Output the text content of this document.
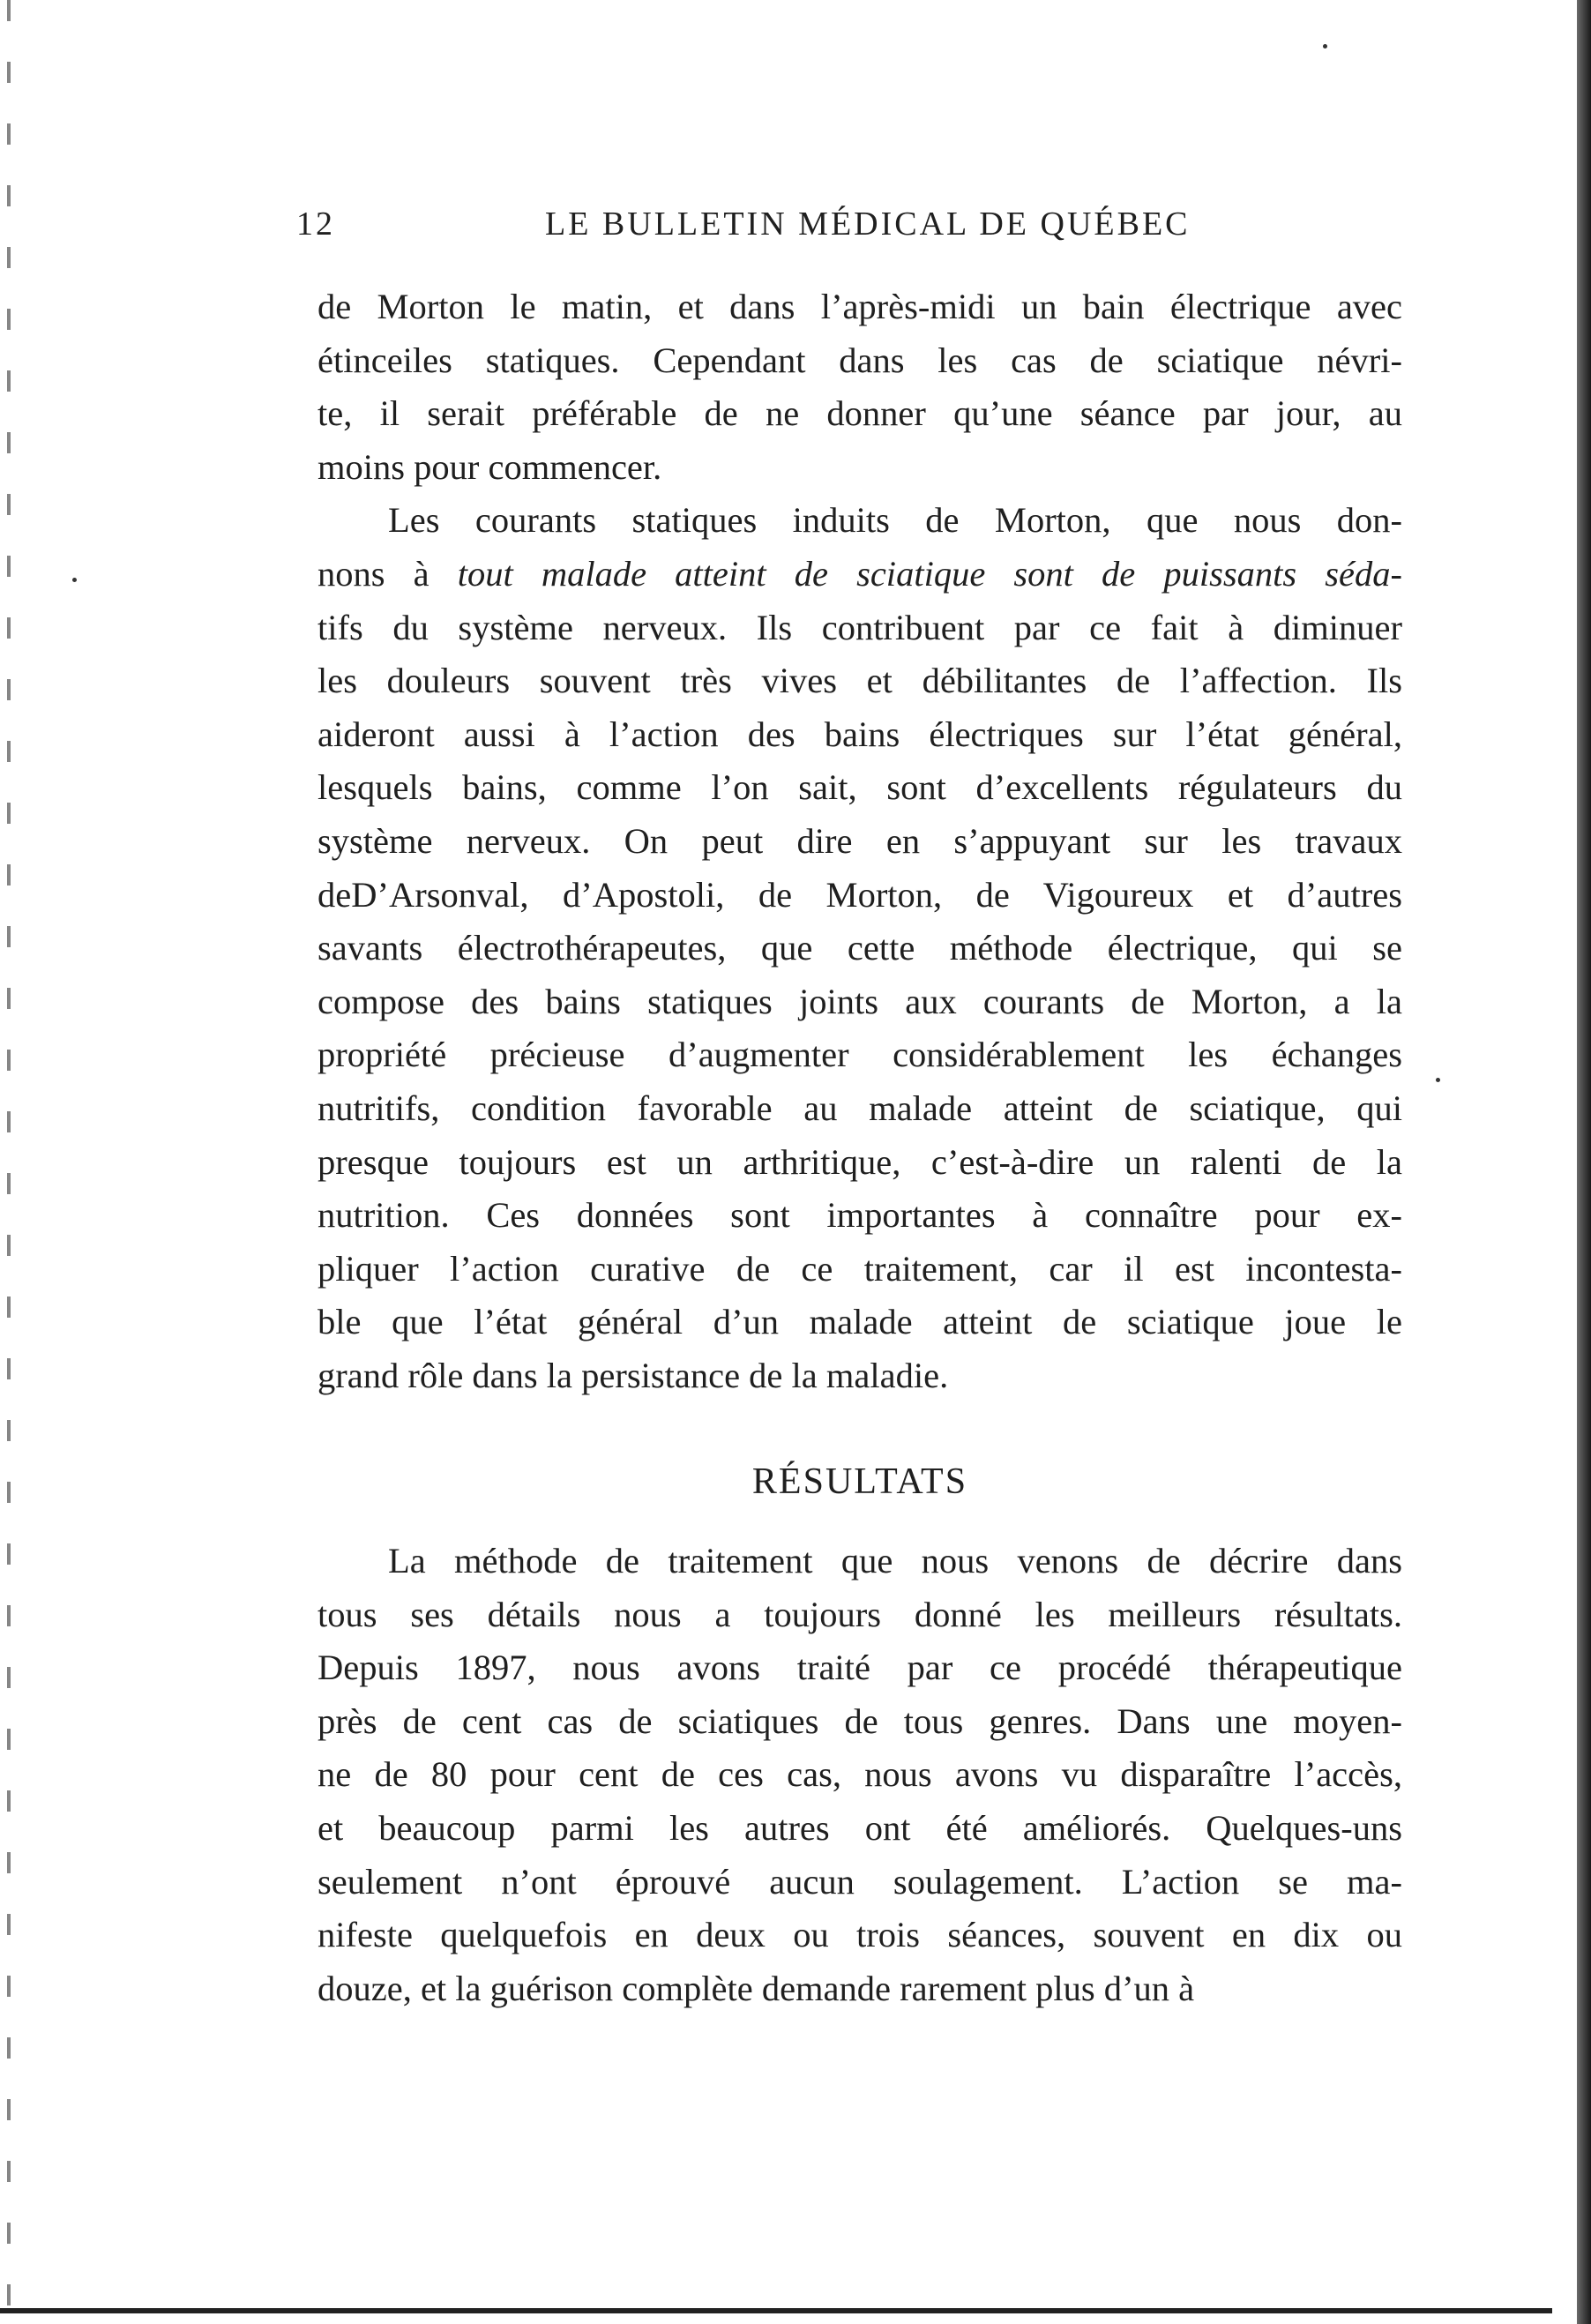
12	LE BULLETIN MÉDICAL DE QUÉBEC
de Morton le matin, et dans l’après-midi un bain électrique avec
étinceiles statiques. Cependant dans les cas de sciatique névri-
te, il serait préférable de ne donner qu’une séance par jour, au
moins pour commencer.
Les courants statiques induits de Morton, que nous don-
nons à tout malade atteint de sciatique sont de puissants séda-
tifs du système nerveux. Ils contribuent par ce fait à diminuer
les douleurs souvent très vives et débilitantes de l’affection. Ils
aideront aussi à l’action des bains électriques sur l’état général,
lesquels bains, comme l’on sait, sont d’excellents régulateurs du
système nerveux. On peut dire en s’appuyant sur les travaux
deD’Arsonval, d’Apostoli, de Morton, de Vigoureux et d’autres
savants électrothérapeutes, que cette méthode électrique, qui se
compose des bains statiques joints aux courants de Morton, a la
propriété précieuse d’augmenter considérablement les échanges
nutritifs, condition favorable au malade atteint de sciatique, qui
presque toujours est un arthritique, c’est-à-dire un ralenti de la
nutrition. Ces données sont importantes à connaître pour ex-
pliquer l’action curative de ce traitement, car il est incontesta-
ble que l’état général d’un malade atteint de sciatique joue le
grand rôle dans la persistance de la maladie.
RÉSULTATS
La méthode de traitement que nous venons de décrire dans
tous ses détails nous a toujours donné les meilleurs résultats.
Depuis 1897, nous avons traité par ce procédé thérapeutique
près de cent cas de sciatiques de tous genres. Dans une moyen-
ne de 80 pour cent de ces cas, nous avons vu disparaître l’accès,
et beaucoup parmi les autres ont été améliorés. Quelques-uns
seulement n’ont éprouvé aucun soulagement. L’action se ma-
nifeste quelquefois en deux ou trois séances, souvent en dix ou
douze, et la guérison complète demande rarement plus d’un à
